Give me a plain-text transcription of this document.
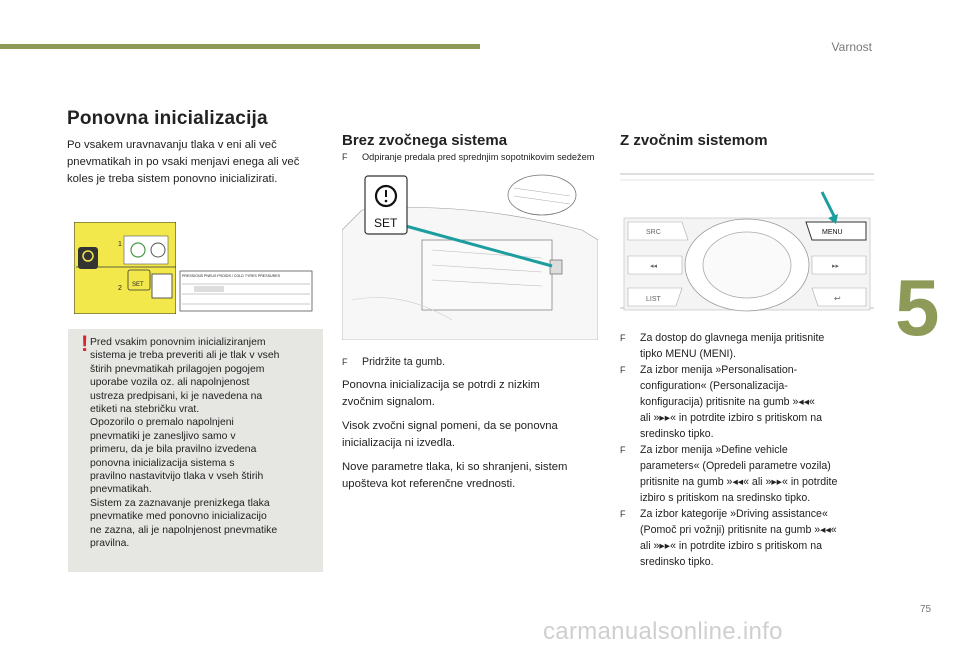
Varnost
5
Ponovna inicializacija
Po vsakem uravnavanju tlaka v eni ali več
pnevmatikah in po vsaki menjavi enega ali več
koles je treba sistem ponovno inicializirati.
1
2 SET
PRESSIONS PNEUS FROIDS / COLD TYRES PRESSURES
! Pred vsakim ponovnim inicializiranjem
sistema je treba preveriti ali je tlak v vseh
štirih pnevmatikah prilagojen pogojem
uporabe vozila oz. ali napolnjenost
ustreza predpisani, ki je navedena na
etiketi na stebričku vrat.
Opozorilo o premalo napolnjeni
pnevmatiki je zanesljivo samo v
primeru, da je bila pravilno izvedena
ponovna inicializacija sistema s
pravilno nastavitvijo tlaka v vseh štirih
pnevmatikah.
Sistem za zaznavanje prenizkega tlaka
pnevmatike med ponovno inicializacijo
ne zazna, ali je napolnjenost pnevmatike
pravilna.
Brez zvočnega sistema
F Odpiranje predala pred sprednjim sopotnikovim sedežem
SET
F Pridržite ta gumb.
Ponovna inicializacija se potrdi z nizkim
zvočnim signalom.
Visok zvočni signal pomeni, da se ponovna
inicializacija ni izvedla.
Nove parametre tlaka, ki so shranjeni, sistem
upošteva kot referenčne vrednosti.
Z zvočnim sistemom
SRC
◂◂
LIST
MENU
▸▸
↩
F	Za dostop do glavnega menija pritisnite
tipko MENU (MENI).
F	Za izbor menija »Personalisation-
configuration« (Personalizacija-
konfiguracija) pritisnite na gumb »◂◂«
ali »▸▸« in potrdite izbiro s pritiskom na
sredinsko tipko.
F	Za izbor menija »Define vehicle
parameters« (Opredeli parametre vozila)
pritisnite na gumb »◂◂« ali »▸▸« in potrdite
izbiro s pritiskom na sredinsko tipko.
F	Za izbor kategorije »Driving assistance«
(Pomoč pri vožnji) pritisnite na gumb »◂◂«
ali »▸▸« in potrdite izbiro s pritiskom na
sredinsko tipko.
75
carmanualsonline.info
